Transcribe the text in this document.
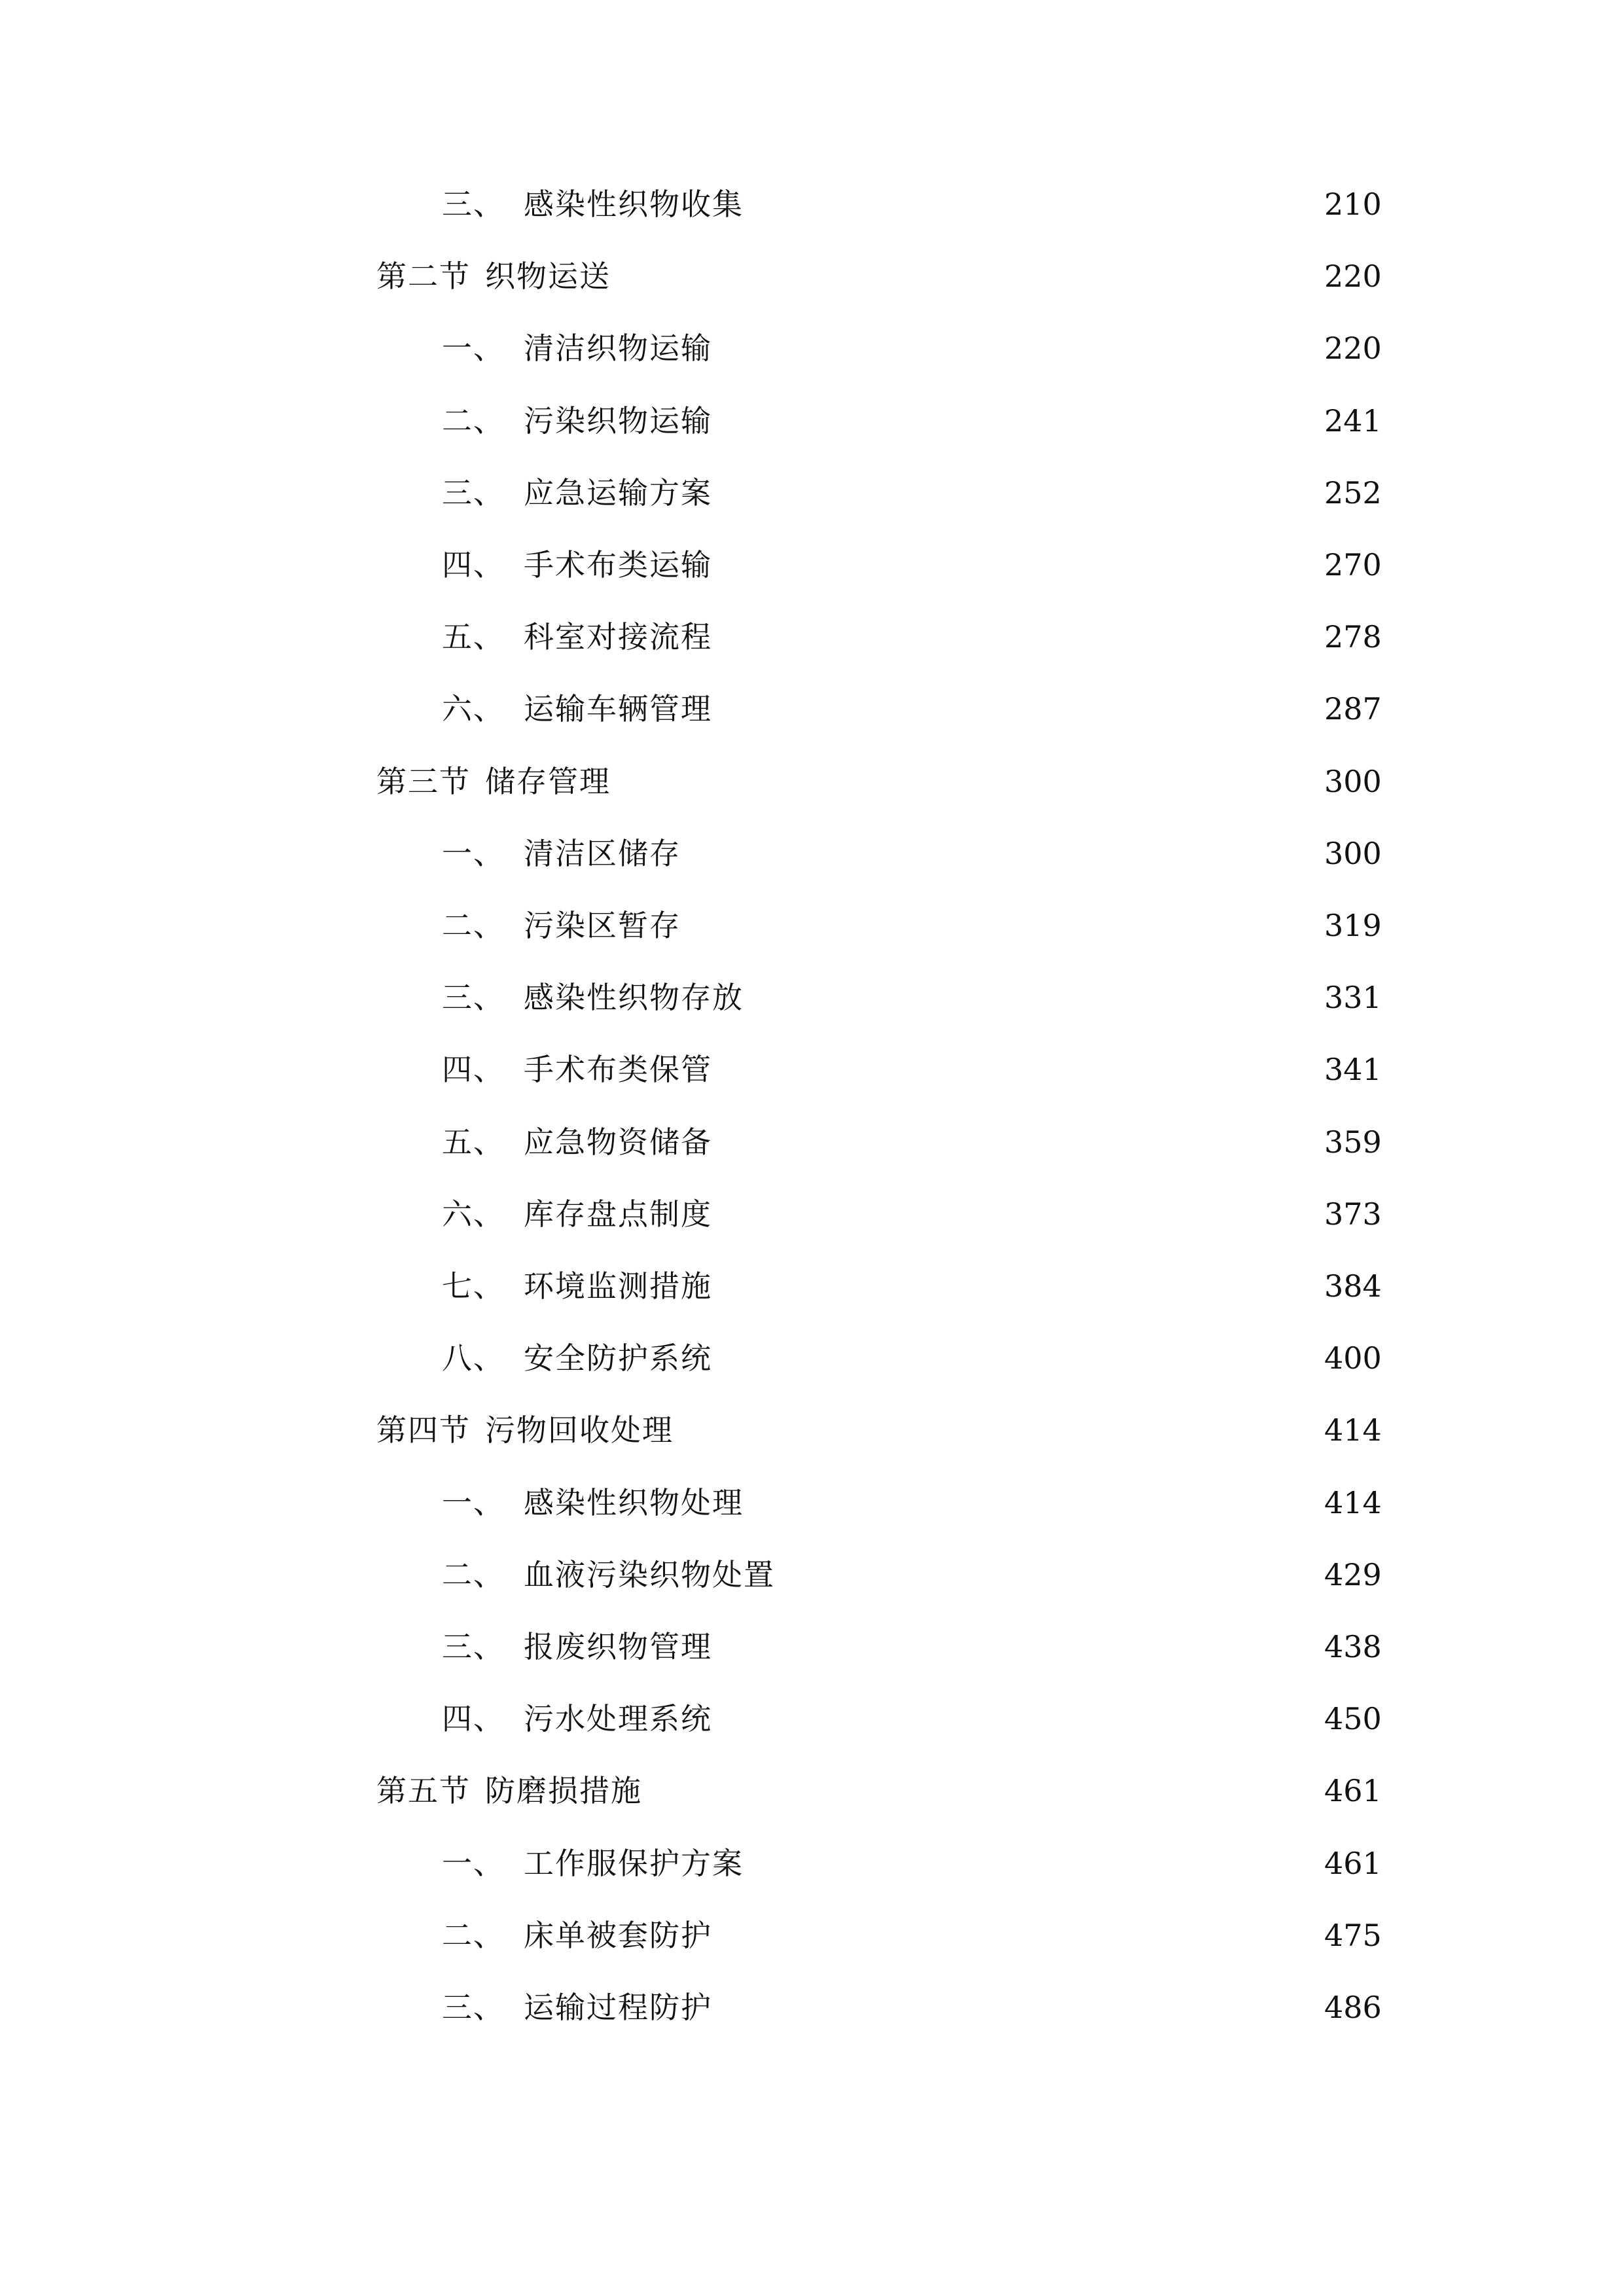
三、 感染性织物收集	210
第二节 织物运送	220
一、 清洁织物运输	220
二、 污染织物运输	241
三、 应急运输方案	252
四、 手术布类运输	270
五、 科室对接流程	278
六、 运输车辆管理	287
第三节 储存管理	300
一、 清洁区储存	300
二、 污染区暂存	319
三、 感染性织物存放	331
四、 手术布类保管	341
五、 应急物资储备	359
六、 库存盘点制度	373
七、 环境监测措施	384
八、 安全防护系统	400
第四节 污物回收处理	414
一、 感染性织物处理	414
二、 血液污染织物处置	429
三、 报废织物管理	438
四、 污水处理系统	450
第五节 防磨损措施	461
一、 工作服保护方案	461
二、 床单被套防护	475
三、 运输过程防护	486
